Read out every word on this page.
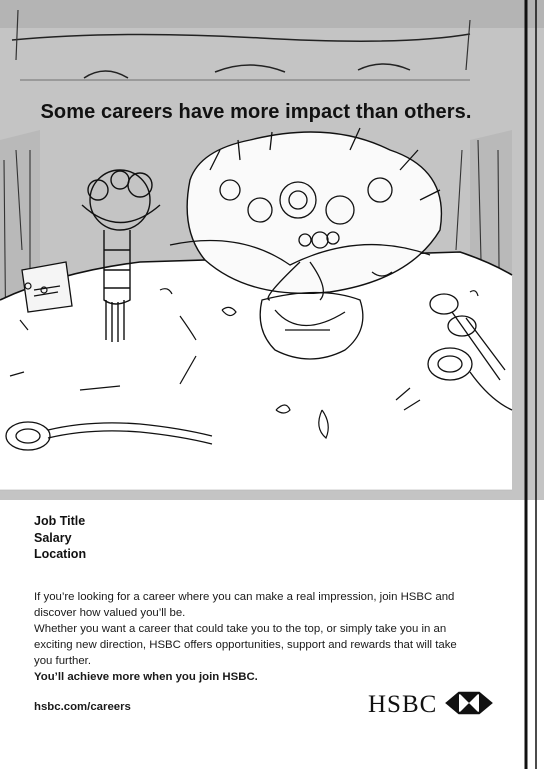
Some careers have more impact than others.
Job Title
Salary
Location

If you’re looking for a career where you can make a real impression, join HSBC and discover how valued you’ll be.

Whether you want a career that could take you to the top, or simply take you in an exciting new direction, HSBC offers opportunities, support and rewards that will take you further.

You’ll achieve more when you join HSBC.

hsbc.com/careers	HSBC
